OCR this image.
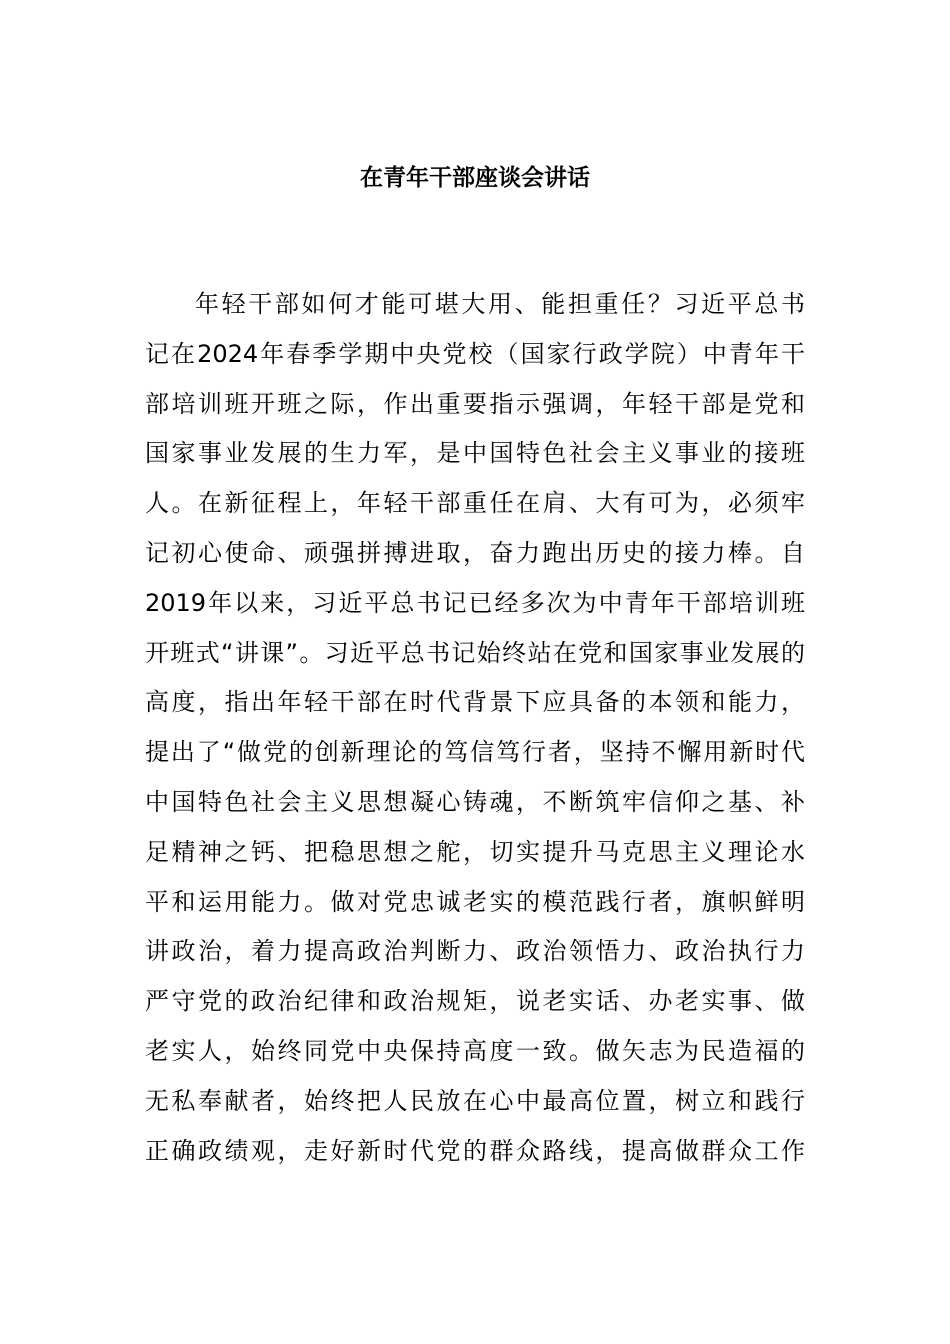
在青年干部座谈会讲话
年轻干部如何才能可堪大用、能担重任？习近平总书
记在2024年春季学期中央党校（国家行政学院）中青年干
部培训班开班之际，作出重要指示强调，年轻干部是党和
国家事业发展的生力军，是中国特色社会主义事业的接班
人。在新征程上，年轻干部重任在肩、大有可为，必须牢
记初心使命、顽强拼搏进取，奋力跑出历史的接力棒。自
2019年以来，习近平总书记已经多次为中青年干部培训班
开班式“讲课”。习近平总书记始终站在党和国家事业发展的
高度，指出年轻干部在时代背景下应具备的本领和能力，
提出了“做党的创新理论的笃信笃行者，坚持不懈用新时代
中国特色社会主义思想凝心铸魂，不断筑牢信仰之基、补
足精神之钙、把稳思想之舵，切实提升马克思主义理论水
平和运用能力。做对党忠诚老实的模范践行者，旗帜鲜明
讲政治，着力提高政治判断力、政治领悟力、政治执行力
严守党的政治纪律和政治规矩，说老实话、办老实事、做
老实人，始终同党中央保持高度一致。做矢志为民造福的
无私奉献者，始终把人民放在心中最高位置，树立和践行
正确政绩观，走好新时代党的群众路线，提高做群众工作
